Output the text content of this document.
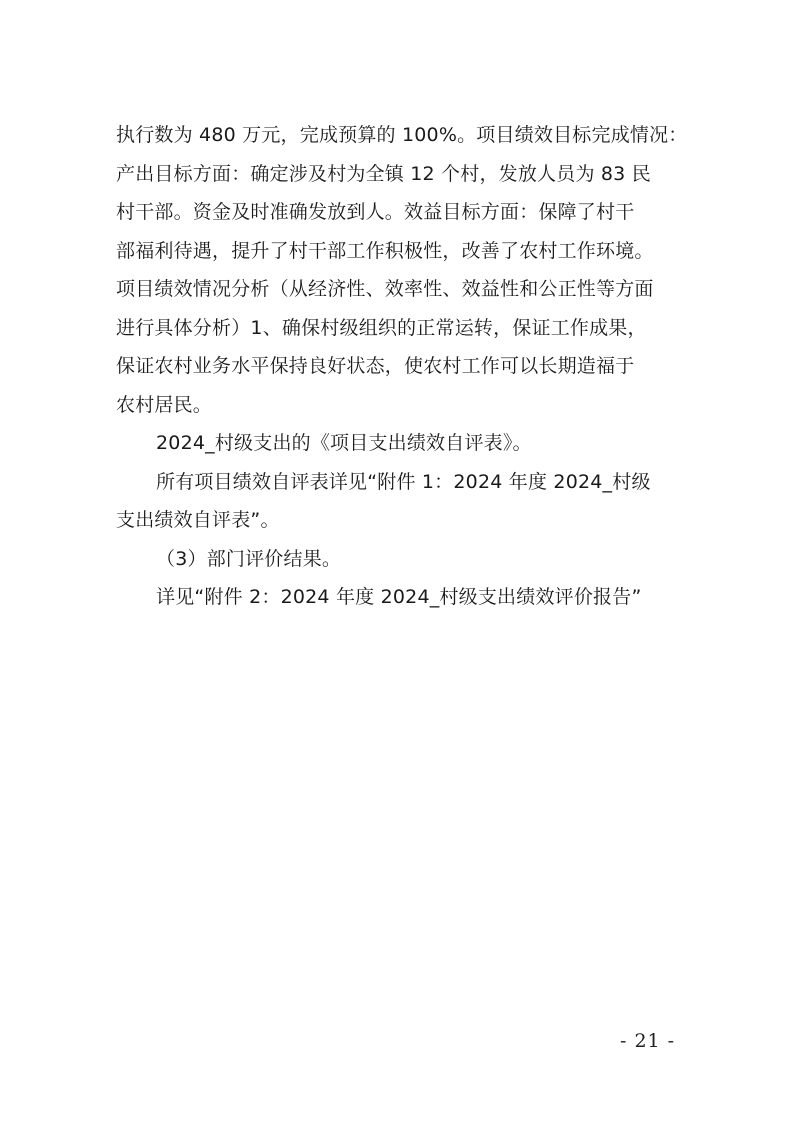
执行数为 480 万元，完成预算的 100%。项目绩效目标完成情况：
产出目标方面：确定涉及村为全镇 12 个村，发放人员为 83 民
村干部。资金及时准确发放到人。效益目标方面：保障了村干
部福利待遇，提升了村干部工作积极性，改善了农村工作环境。
项目绩效情况分析（从经济性、效率性、效益性和公正性等方面
进行具体分析）1、确保村级组织的正常运转，保证工作成果，
保证农村业务水平保持良好状态，使农村工作可以长期造福于
农村居民。
2024_村级支出的《项目支出绩效自评表》。
所有项目绩效自评表详见“附件 1：2024 年度 2024_村级
支出绩效自评表”。
（3）部门评价结果。
详见“附件 2：2024 年度 2024_村级支出绩效评价报告”
- 21 -
